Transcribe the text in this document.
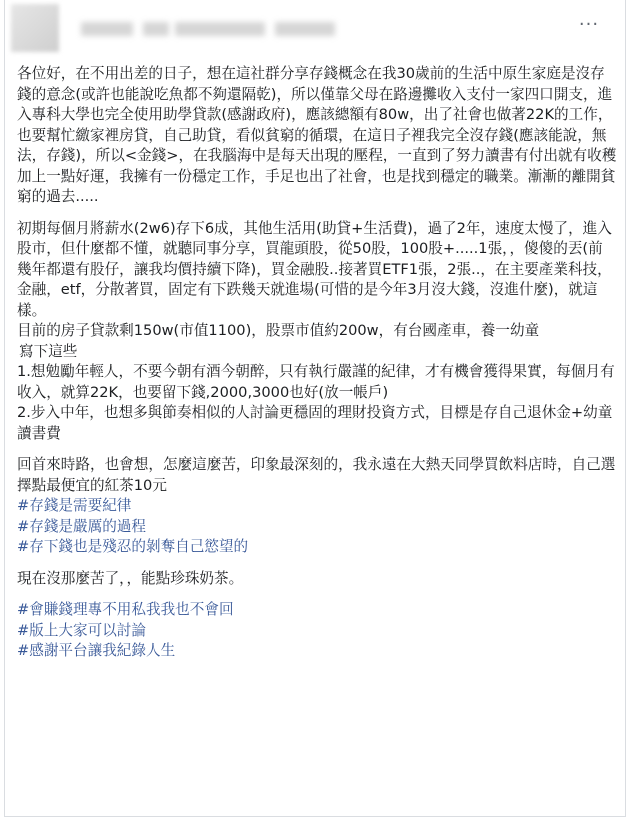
...

各位好，在不用出差的日子，想在這社群分享存錢概念在我30歲前的生活中原生家庭是沒存錢的意念(或許也能說吃魚都不夠還隔乾)，所以僅靠父母在路邊攤收入支付一家四口開支，進入專科大學也完全使用助學貸款(感謝政府)，應該總額有80w，出了社會也做著22K的工作，也要幫忙繳家裡房貸，自己助貸，看似貧窮的循環，在這日子裡我完全沒存錢(應該能說，無法，存錢)，所以<金錢>，在我腦海中是每天出現的壓程，一直到了努力讀書有付出就有收穫加上一點好運，我擁有一份穩定工作，手足也出了社會，也是找到穩定的職業。漸漸的離開貧窮的過去.....

初期每個月將薪水(2w6)存下6成，其他生活用(助貸+生活費)，過了2年，速度太慢了，進入股市，但什麼都不懂，就聽同事分享，買龍頭股，從50股，100股+.....1張，，傻傻的丟(前幾年都還有股仔，讓我均價持續下降)，買金融股..接著買ETF1張，2張..，在主要產業科技，金融，etf，分散著買，固定有下跌幾天就進場(可惜的是今年3月沒大錢，沒進什麼)，就這樣。

目前的房子貸款剩150w(市值1100)，股票市值約200w，有台國產車，養一幼童

寫下這些

1.想勉勵年輕人，不要今朝有酒今朝醉，只有執行嚴謹的紀律，才有機會獲得果實，每個月有收入，就算22K，也要留下錢,2000,3000也好(放一帳戶)

2.步入中年，也想多與節奏相似的人討論更穩固的理財投資方式，目標是存自己退休金+幼童讀書費

回首來時路，也會想，怎麼這麼苦，印象最深刻的，我永遠在大熱天同學買飲料店時，自己選擇點最便宜的紅茶10元

#存錢是需要紀律

#存錢是嚴厲的過程

#存下錢也是殘忍的剝奪自己慾望的

現在沒那麼苦了，，能點珍珠奶茶。

#會賺錢理專不用私我我也不會回

#版上大家可以討論

#感謝平台讓我紀錄人生
